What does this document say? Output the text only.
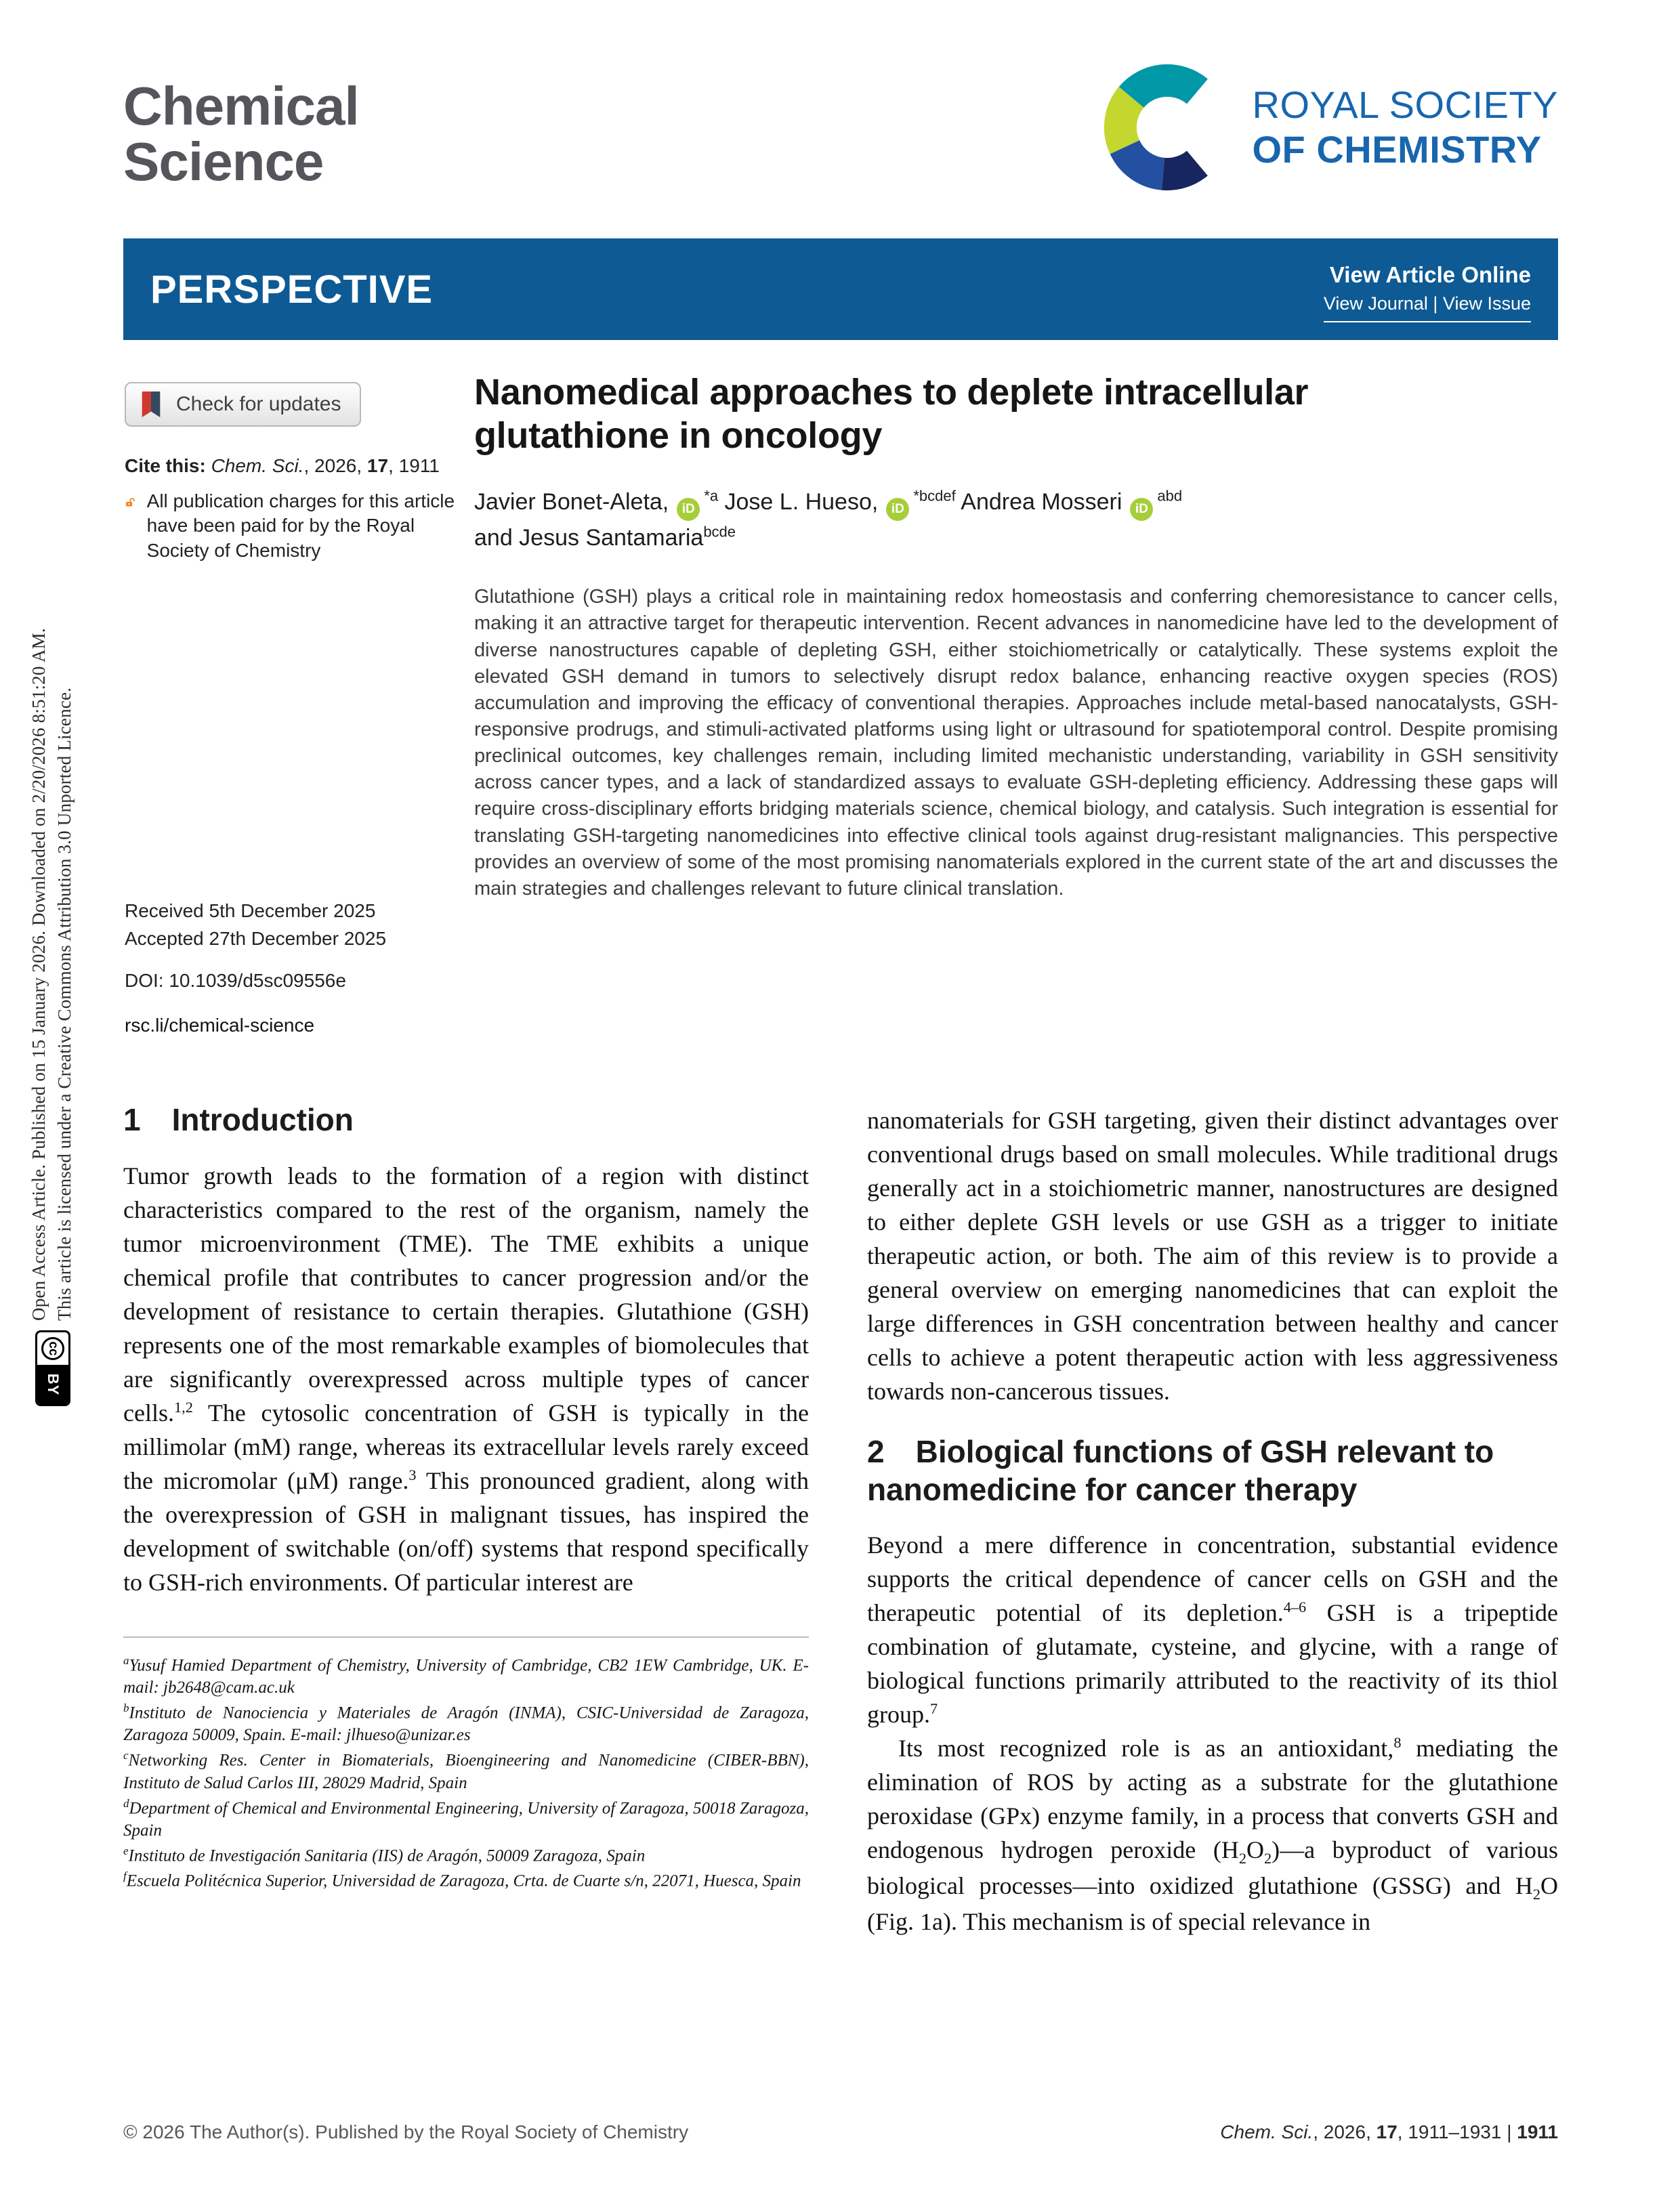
Open Access Article. Published on 15 January 2026. Downloaded on 2/20/2026 8:51:20 AM. This article is licensed under a Creative Commons Attribution 3.0 Unported Licence.
cc
BY
Chemical
Science
ROYAL SOCIETY
OF CHEMISTRY
PERSPECTIVE	View Article Online
View Journal | View Issue
Check for updates
Cite this: Chem. Sci., 2026, 17, 1911
All publication charges for this article have been paid for by the Royal Society of Chemistry
Received 5th December 2025
Accepted 27th December 2025
DOI: 10.1039/d5sc09556e
rsc.li/chemical-science
Nanomedical approaches to deplete intracellular glutathione in oncology
Javier Bonet-Aleta, $iD^{*a}$ Jose L. Hueso, $iD^{*bcdef}$ Andrea Mosseri $iD^{abd}$
and Jesus Santamaria$^{bcde}$
Glutathione (GSH) plays a critical role in maintaining redox homeostasis and conferring chemoresistance to cancer cells, making it an attractive target for therapeutic intervention. Recent advances in nanomedicine have led to the development of diverse nanostructures capable of depleting GSH, either stoichiometrically or catalytically. These systems exploit the elevated GSH demand in tumors to selectively disrupt redox balance, enhancing reactive oxygen species (ROS) accumulation and improving the efficacy of conventional therapies. Approaches include metal-based nanocatalysts, GSH-responsive prodrugs, and stimuli-activated platforms using light or ultrasound for spatiotemporal control. Despite promising preclinical outcomes, key challenges remain, including limited mechanistic understanding, variability in GSH sensitivity across cancer types, and a lack of standardized assays to evaluate GSH-depleting efficiency. Addressing these gaps will require cross-disciplinary efforts bridging materials science, chemical biology, and catalysis. Such integration is essential for translating GSH-targeting nanomedicines into effective clinical tools against drug-resistant malignancies. This perspective provides an overview of some of the most promising nanomaterials explored in the current state of the art and discusses the main strategies and challenges relevant to future clinical translation.
1 Introduction

Tumor growth leads to the formation of a region with distinct characteristics compared to the rest of the organism, namely the tumor microenvironment (TME). The TME exhibits a unique chemical profile that contributes to cancer progression and/or the development of resistance to certain therapies. Glutathione (GSH) represents one of the most remarkable examples of biomolecules that are significantly overexpressed across multiple types of cancer cells.$^{1,2}$ The cytosolic concentration of GSH is typically in the millimolar (mM) range, whereas its extracellular levels rarely exceed the micromolar (μM) range.$^3$ This pronounced gradient, along with the overexpression of GSH in malignant tissues, has inspired the development of switchable (on/off) systems that respond specifically to GSH-rich environments. Of particular interest are

$^a$Yusuf Hamied Department of Chemistry, University of Cambridge, CB2 1EW Cambridge, UK. E-mail: jb2648@cam.ac.uk

$^b$Instituto de Nanociencia y Materiales de Aragón (INMA), CSIC-Universidad de Zaragoza, Zaragoza 50009, Spain. E-mail: jlhueso@unizar.es

$^c$Networking Res. Center in Biomaterials, Bioengineering and Nanomedicine (CIBER-BBN), Instituto de Salud Carlos III, 28029 Madrid, Spain

$^d$Department of Chemical and Environmental Engineering, University of Zaragoza, 50018 Zaragoza, Spain

$^e$Instituto de Investigación Sanitaria (IIS) de Aragón, 50009 Zaragoza, Spain

$^f$Escuela Politécnica Superior, Universidad de Zaragoza, Crta. de Cuarte s/n, 22071, Huesca, Spain

nanomaterials for GSH targeting, given their distinct advantages over conventional drugs based on small molecules. While traditional drugs generally act in a stoichiometric manner, nanostructures are designed to either deplete GSH levels or use GSH as a trigger to initiate therapeutic action, or both. The aim of this review is to provide a general overview on emerging nanomedicines that can exploit the large differences in GSH concentration between healthy and cancer cells to achieve a potent therapeutic action with less aggressiveness towards non-cancerous tissues.

2 Biological functions of GSH relevant to nanomedicine for cancer therapy

Beyond a mere difference in concentration, substantial evidence supports the critical dependence of cancer cells on GSH and the therapeutic potential of its depletion.$^{4-6}$ GSH is a tripeptide combination of glutamate, cysteine, and glycine, with a range of biological functions primarily attributed to the reactivity of its thiol group.$^7$

Its most recognized role is as an antioxidant,$^8$ mediating the elimination of ROS by acting as a substrate for the glutathione peroxidase (GPx) enzyme family, in a process that converts GSH and endogenous hydrogen peroxide $(H_2O_2)—a$ byproduct of various biological processes—into oxidized glutathione (GSSG) and $H_2O$ (Fig. 1a). This mechanism is of special relevance in

© 2026 The Author(s). Published by the Royal Society of Chemistry	Chem. Sci., 2026, 17, 1911–1931 | 1911
